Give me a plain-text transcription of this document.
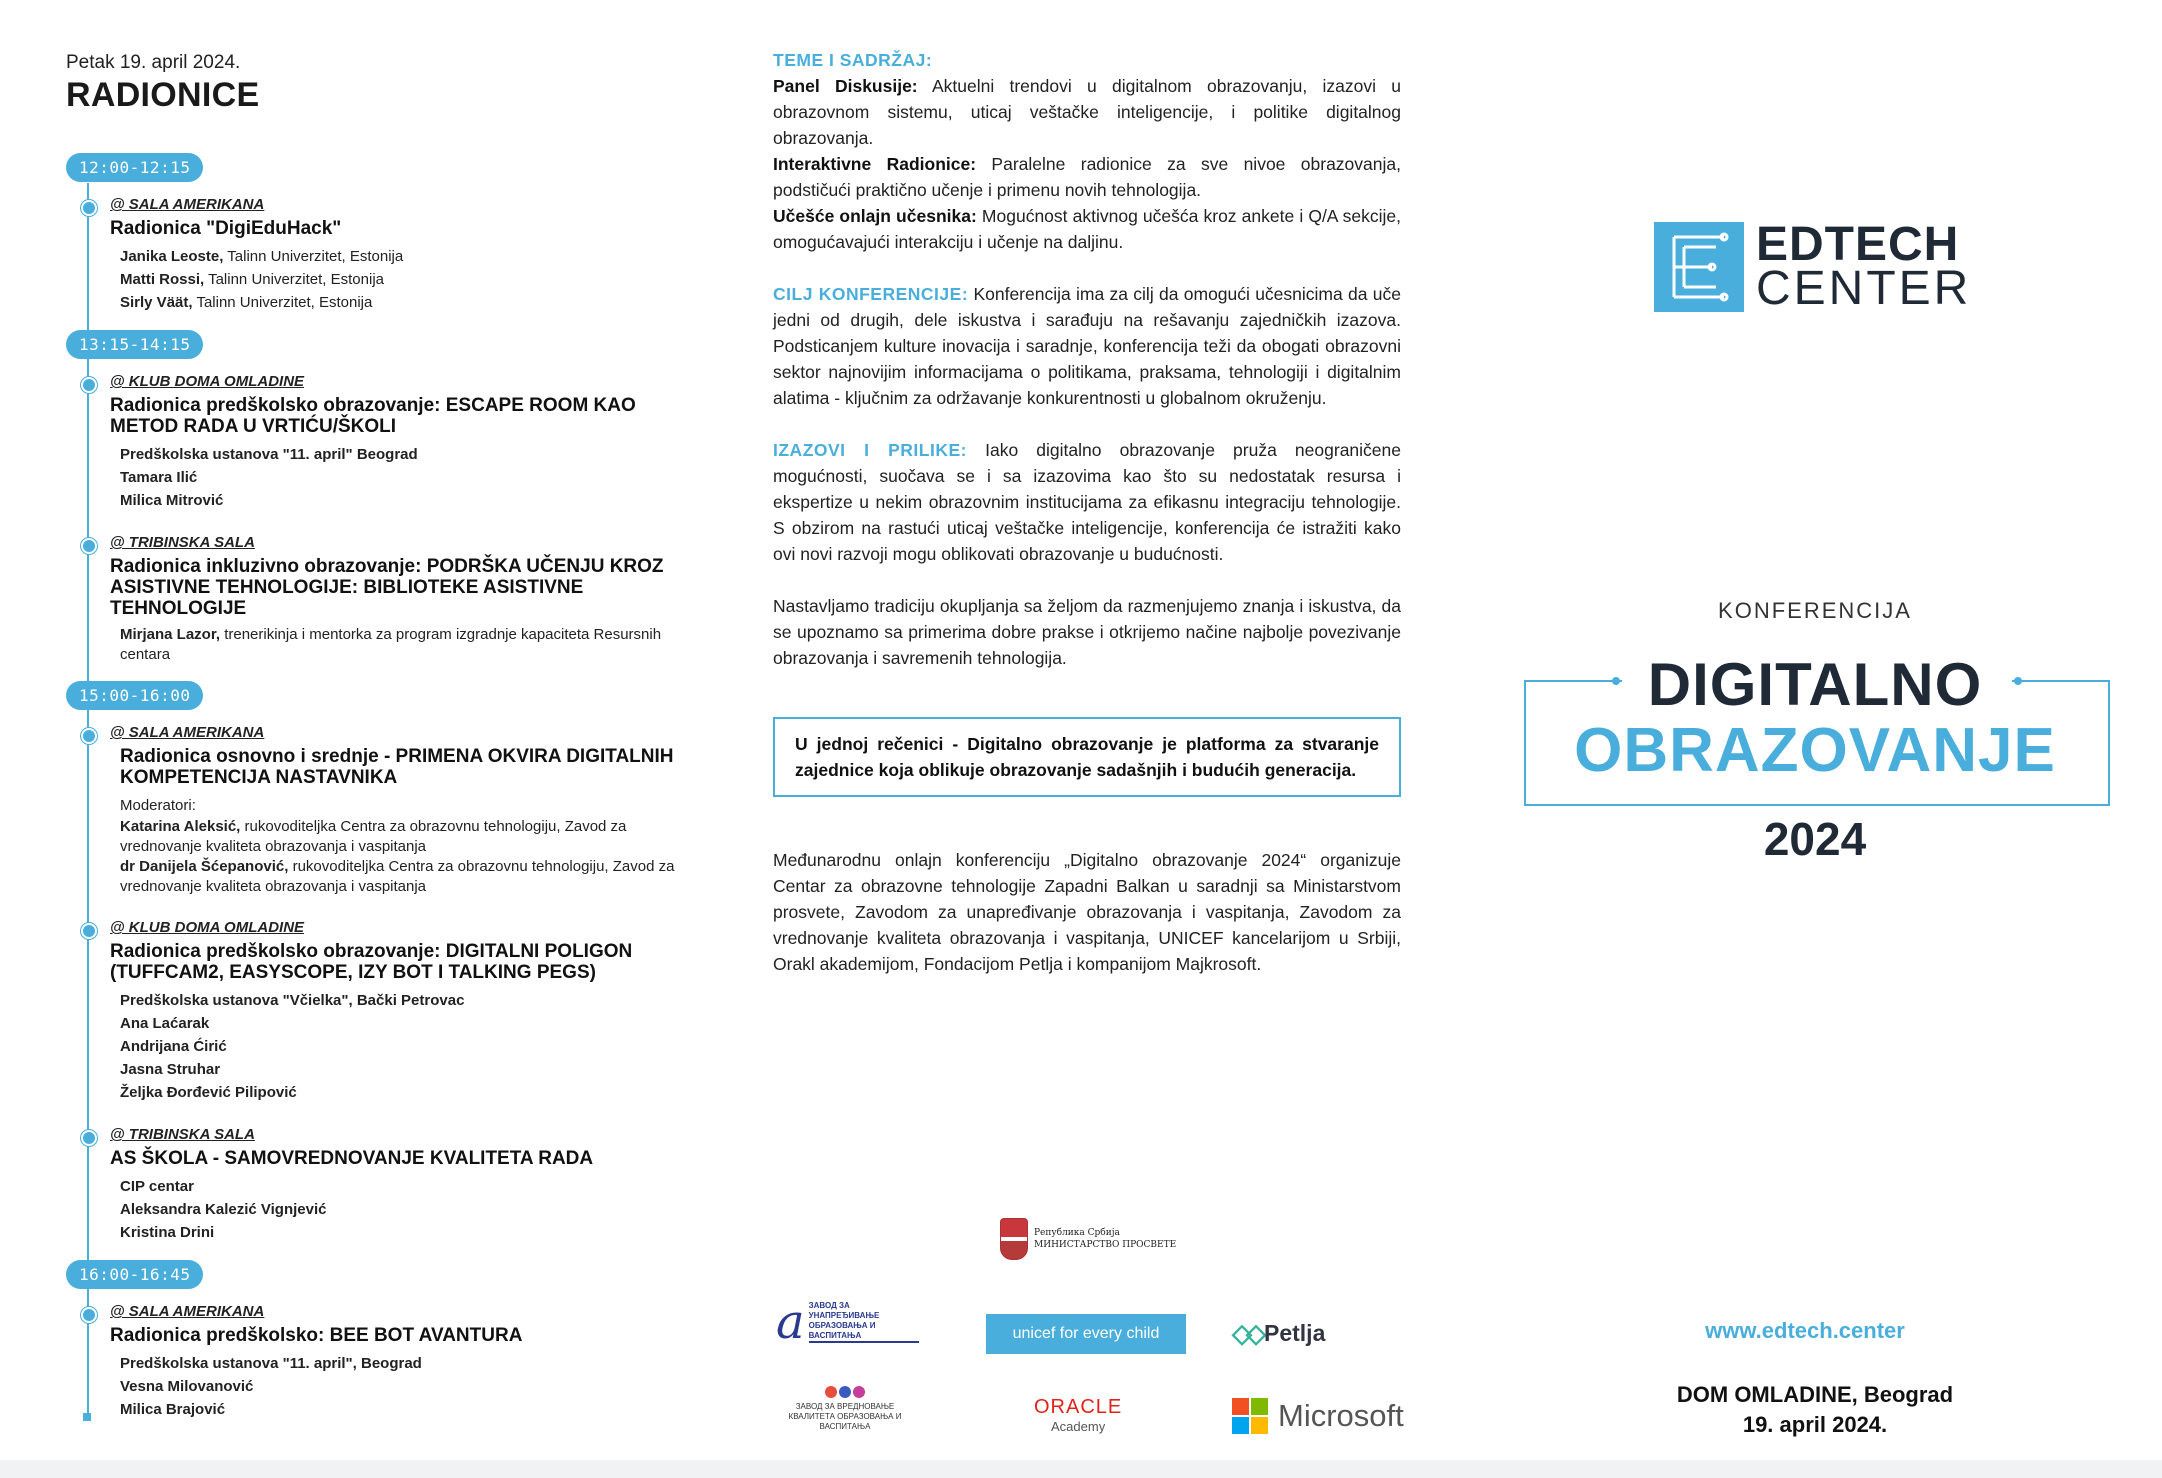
Petak 19. april 2024.

RADIONICE
12:00-12:15
@ SALA AMERIKANA
Radionica "DigiEduHack"
Janika Leoste, Talinn Univerzitet, Estonija
Matti Rossi, Talinn Univerzitet, Estonija
Sirly Väät, Talinn Univerzitet, Estonija
13:15-14:15
@ KLUB DOMA OMLADINE
Radionica predškolsko obrazovanje: ESCAPE ROOM KAO METOD RADA U VRTIĆU/ŠKOLI
Predškolska ustanova "11. april" Beograd
Tamara Ilić
Milica Mitrović
@ TRIBINSKA SALA
Radionica inkluzivno obrazovanje: PODRŠKA UČENJU KROZ ASISTIVNE TEHNOLOGIJE: BIBLIOTEKE ASISTIVNE TEHNOLOGIJE
Mirjana Lazor, trenerikinja i mentorka za program izgradnje kapaciteta Resursnih centara
15:00-16:00
@ SALA AMERIKANA
Radionica osnovno i srednje - PRIMENA OKVIRA DIGITALNIH KOMPETENCIJA NASTAVNIKA
Moderatori:
Katarina Aleksić, rukovoditeljka Centra za obrazovnu tehnologiju, Zavod za vrednovanje kvaliteta obrazovanja i vaspitanja
dr Danijela Šćepanović, rukovoditeljka Centra za obrazovnu tehnologiju, Zavod za vrednovanje kvaliteta obrazovanja i vaspitanja
@ KLUB DOMA OMLADINE
Radionica predškolsko obrazovanje: DIGITALNI POLIGON (TUFFCAM2, EASYSCOPE, IZY BOT I TALKING PEGS)
Predškolska ustanova "Včielka", Bački Petrovac
Ana Laćarak
Andrijana Ćirić
Jasna Struhar
Željka Đorđević Pilipović
@ TRIBINSKA SALA
AS ŠKOLA - SAMOVREDNOVANJE KVALITETA RADA
CIP centar
Aleksandra Kalezić Vignjević
Kristina Drini
16:00-16:45
@ SALA AMERIKANA
Radionica predškolsko: BEE BOT AVANTURA
Predškolska ustanova "11. april", Beograd
Vesna Milovanović
Milica Brajović
TEME I SADRŽAJ:

Panel Diskusije: Aktuelni trendovi u digitalnom obrazovanju, izazovi u obrazovnom sistemu, uticaj veštačke inteligencije, i politike digitalnog obrazovanja.

Interaktivne Radionice: Paralelne radionice za sve nivoe obrazovanja, podstičući praktično učenje i primenu novih tehnologija.

Učešće onlajn učesnika: Mogućnost aktivnog učešća kroz ankete i Q/A sekcije, omogućavajući interakciju i učenje na daljinu.

CILJ KONFERENCIJE: Konferencija ima za cilj da omogući učesnicima da uče jedni od drugih, dele iskustva i sarađuju na rešavanju zajedničkih izazova. Podsticanjem kulture inovacija i saradnje, konferencija teži da obogati obrazovni sektor najnovijim informacijama o politikama, praksama, tehnologiji i digitalnim alatima - ključnim za održavanje konkurentnosti u globalnom okruženju.

IZAZOVI I PRILIKE: Iako digitalno obrazovanje pruža neograničene mogućnosti, suočava se i sa izazovima kao što su nedostatak resursa i ekspertize u nekim obrazovnim institucijama za efikasnu integraciju tehnologije. S obzirom na rastući uticaj veštačke inteligencije, konferencija će istražiti kako ovi novi razvoji mogu oblikovati obrazovanje u budućnosti.

Nastavljamo tradiciju okupljanja sa željom da razmenjujemo znanja i iskustva, da se upoznamo sa primerima dobre prakse i otkrijemo načine najbolje povezivanje obrazovanja i savremenih tehnologija.

U jednoj rečenici - Digitalno obrazovanje je platforma za stvaranje zajednice koja oblikuje obrazovanje sadašnjih i budućih generacija.

Međunarodnu onlajn konferenciju „Digitalno obrazovanje 2024“ organizuje Centar za obrazovne tehnologije Zapadni Balkan u saradnji sa Ministarstvom prosvete, Zavodom za unapređivanje obrazovanja i vaspitanja, Zavodom za vrednovanje kvaliteta obrazovanja i vaspitanja, UNICEF kancelarijom u Srbiji, Orakl akademijom, Fondacijom Petlja i kompanijom Majkrosoft.

Република Србија
МИНИСТАРСТВО ПРОСВЕТЕ
a ЗАВОД ЗА УНАПРЕЂИВАЊЕ ОБРАЗОВАЊА И ВАСПИТАЊА	unicef for every child	◇◇ Petlja
ЗАВОД ЗА ВРЕДНОВАЊЕ КВАЛИТЕТА ОБРАЗОВАЊА И ВАСПИТАЊА
ORACLE
Academy	Microsoft
EDTECH
CENTER
KONFERENCIJA
DIGITALNO
OBRAZOVANJE
2024
www.edtech.center
DOM OMLADINE, Beograd
19. april 2024.
